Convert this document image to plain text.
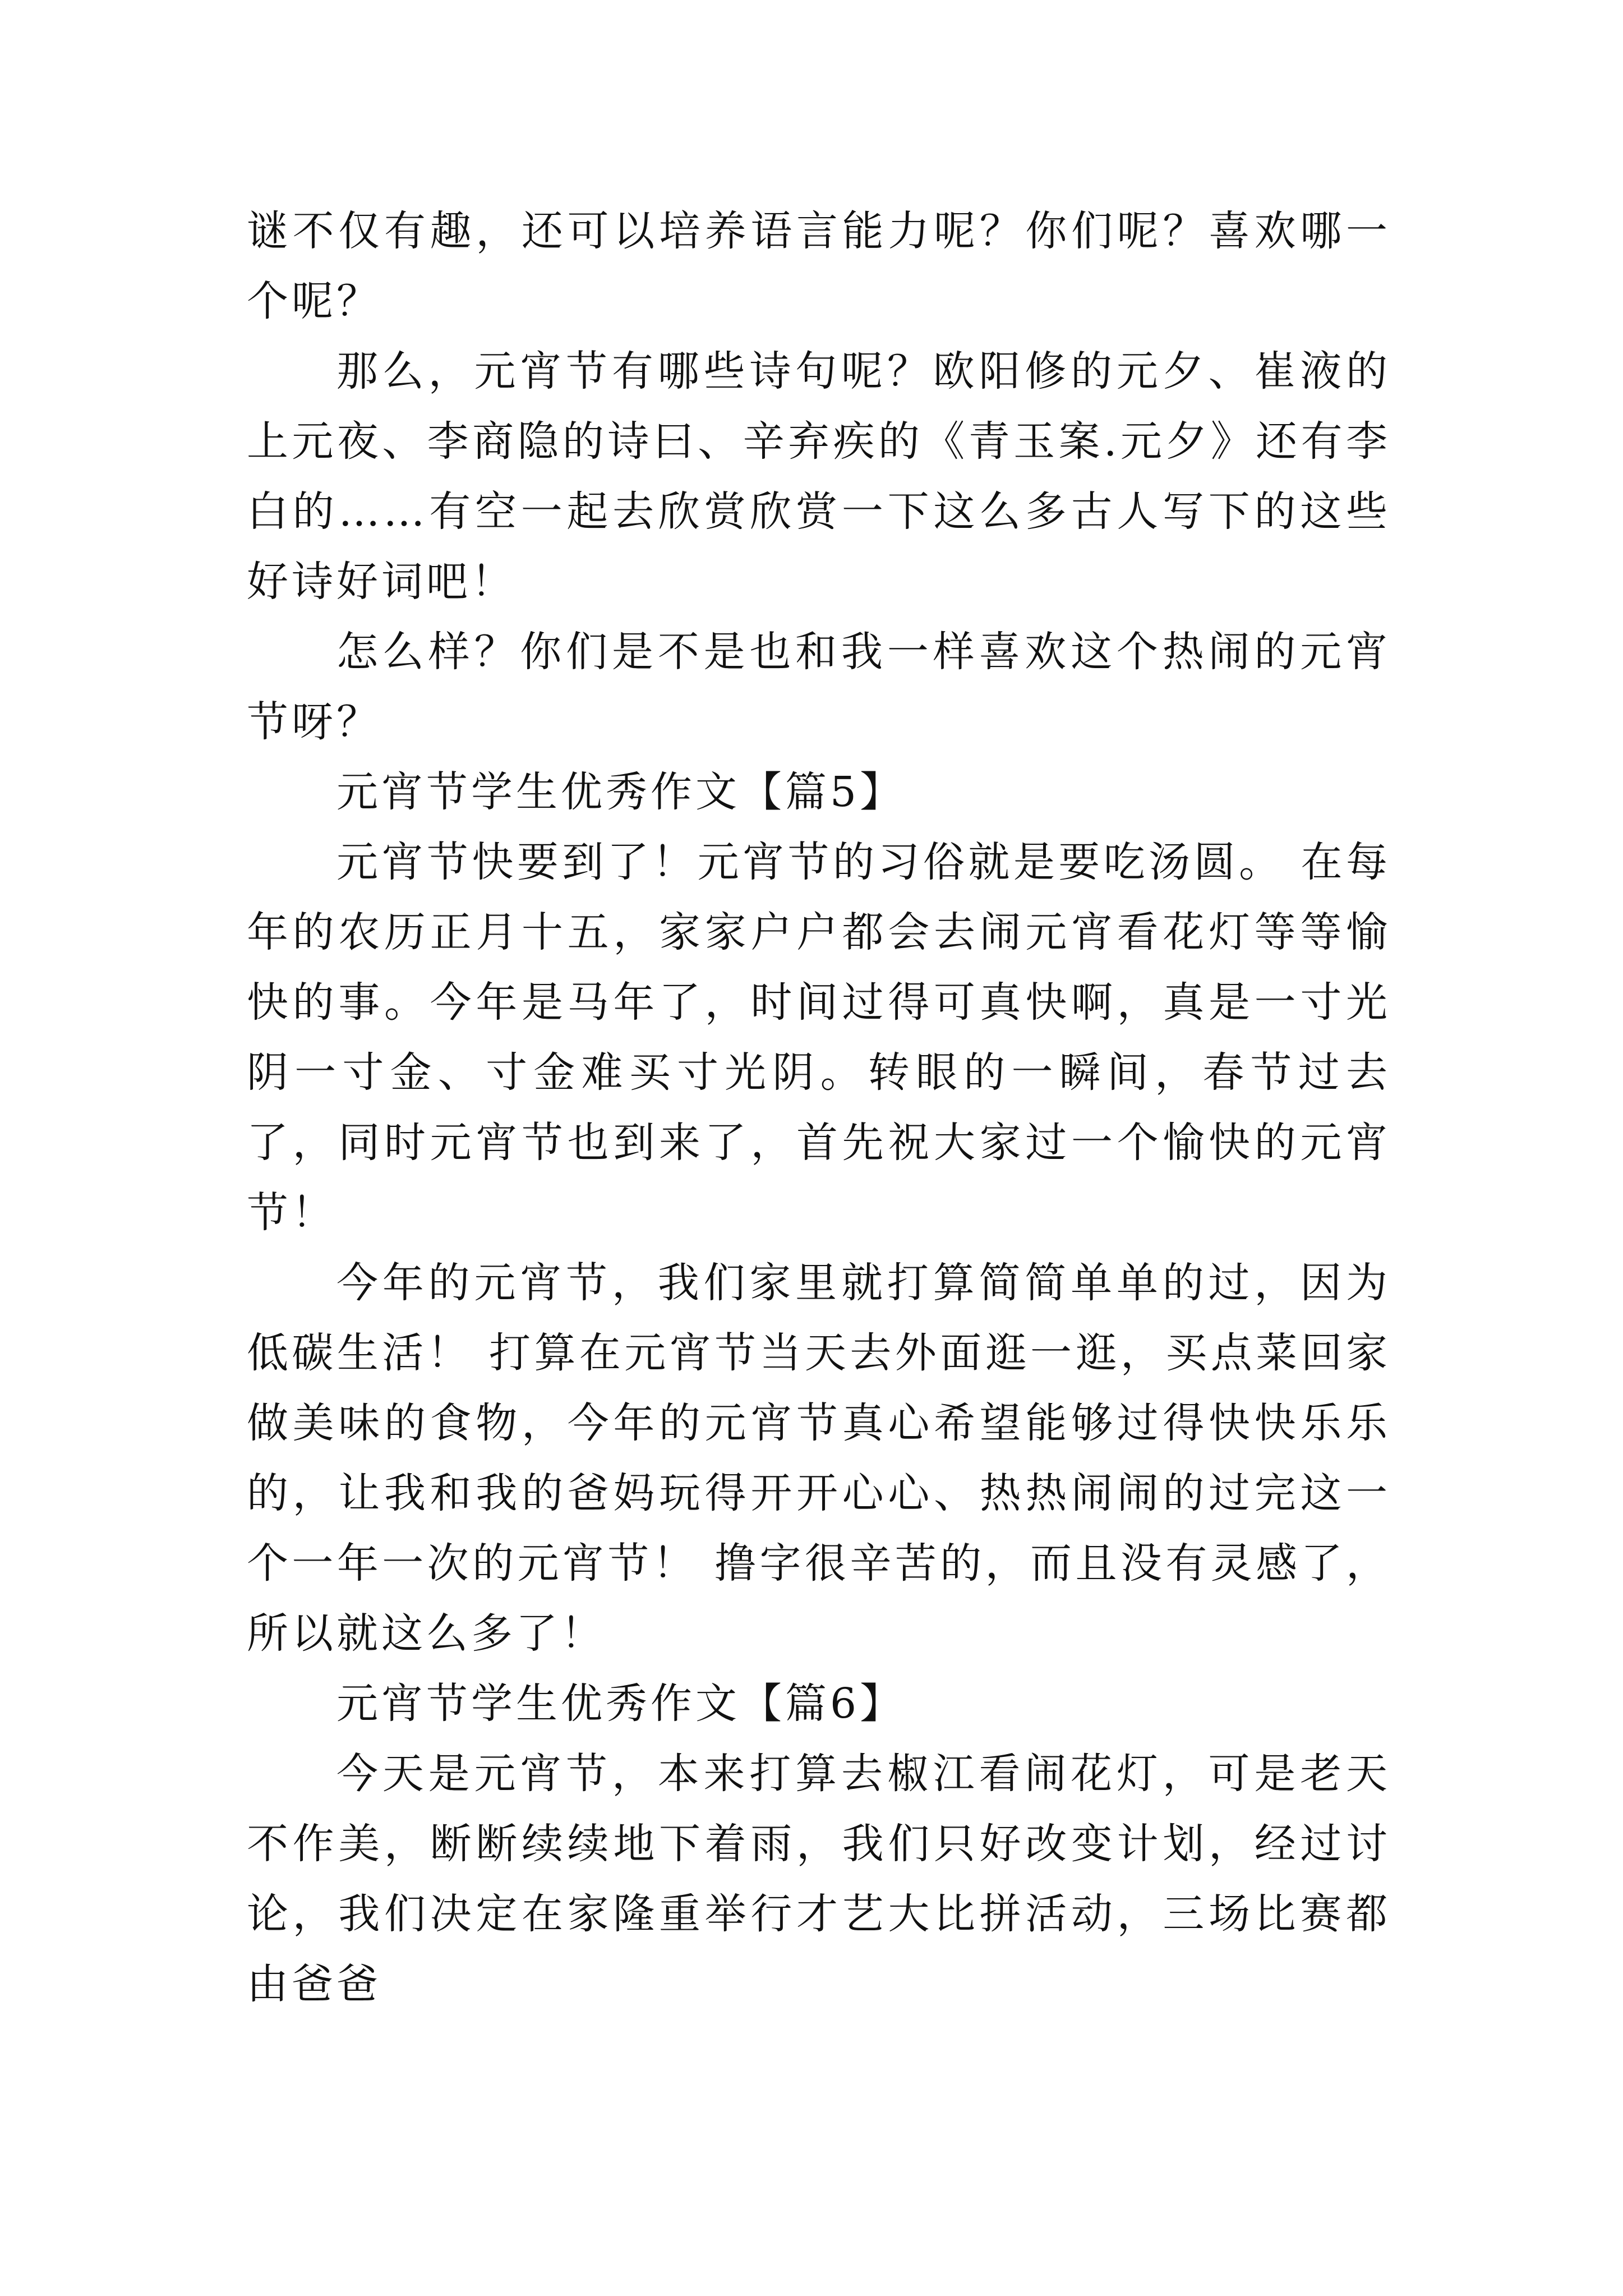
谜不仅有趣，还可以培养语言能力呢？你们呢？喜欢哪一个呢？

那么，元宵节有哪些诗句呢？欧阳修的元夕、崔液的上元夜、李商隐的诗曰、辛弃疾的《青玉案.元夕》还有李白的……有空一起去欣赏欣赏一下这么多古人写下的这些好诗好词吧！

怎么样？你们是不是也和我一样喜欢这个热闹的元宵节呀？

元宵节学生优秀作文【篇5】

元宵节快要到了！元宵节的习俗就是要吃汤圆。 在每年的农历正月十五，家家户户都会去闹元宵看花灯等等愉快的事。今年是马年了，时间过得可真快啊，真是一寸光阴一寸金、寸金难买寸光阴。转眼的一瞬间，春节过去了，同时元宵节也到来了，首先祝大家过一个愉快的元宵节！

今年的元宵节，我们家里就打算简简单单的过，因为低碳生活！ 打算在元宵节当天去外面逛一逛，买点菜回家做美味的食物，今年的元宵节真心希望能够过得快快乐乐的，让我和我的爸妈玩得开开心心、热热闹闹的过完这一个一年一次的元宵节！ 撸字很辛苦的，而且没有灵感了，所以就这么多了！

元宵节学生优秀作文【篇6】

今天是元宵节，本来打算去椒江看闹花灯，可是老天不作美，断断续续地下着雨，我们只好改变计划，经过讨论，我们决定在家隆重举行才艺大比拼活动，三场比赛都由爸爸
